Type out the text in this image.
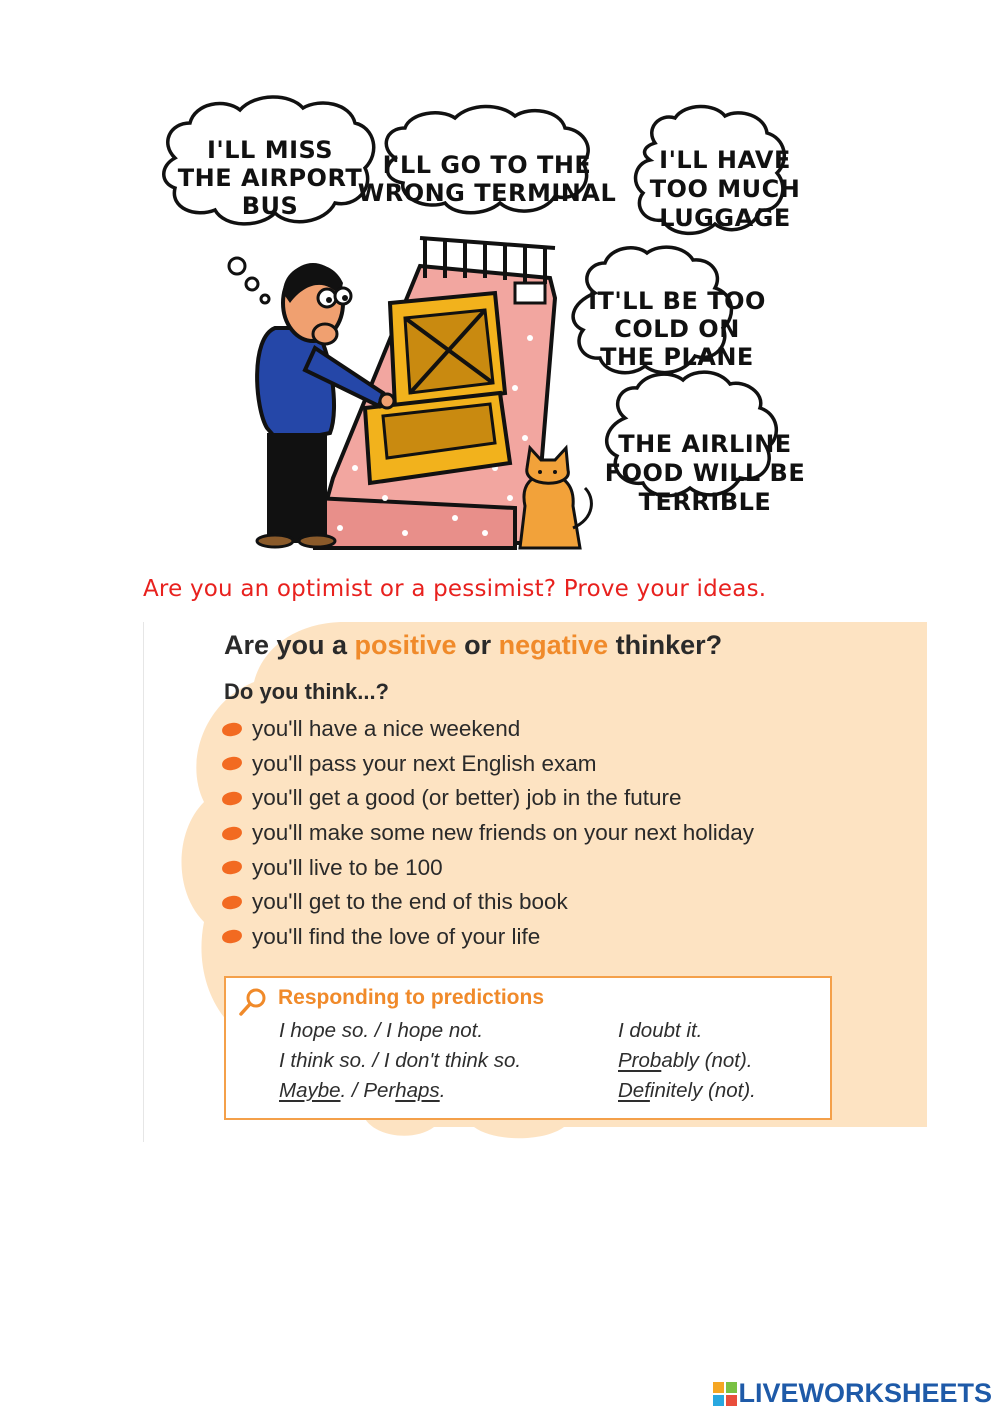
I'LL MISS THE AIRPORT BUS
I'LL GO TO THE WRONG TERMINAL
I'LL HAVE TOO MUCH LUGGAGE
IT'LL BE TOO COLD ON THE PLANE
THE AIRLINE FOOD WILL BE TERRIBLE
Are you an optimist or a pessimist? Prove your ideas.
Are you a positive or negative thinker?
Do you think...?
you'll have a nice weekend
you'll pass your next English exam
you'll get a good (or better) job in the future
you'll make some new friends on your next holiday
you'll live to be 100
you'll get to the end of this book
you'll find the love of your life
Responding to predictions
I hope so. / I hope not.
I think so. / I don't think so.
Maybe. / Perhaps.
I doubt it.
Probably (not).
Definitely (not).
LIVEWORKSHEETS
